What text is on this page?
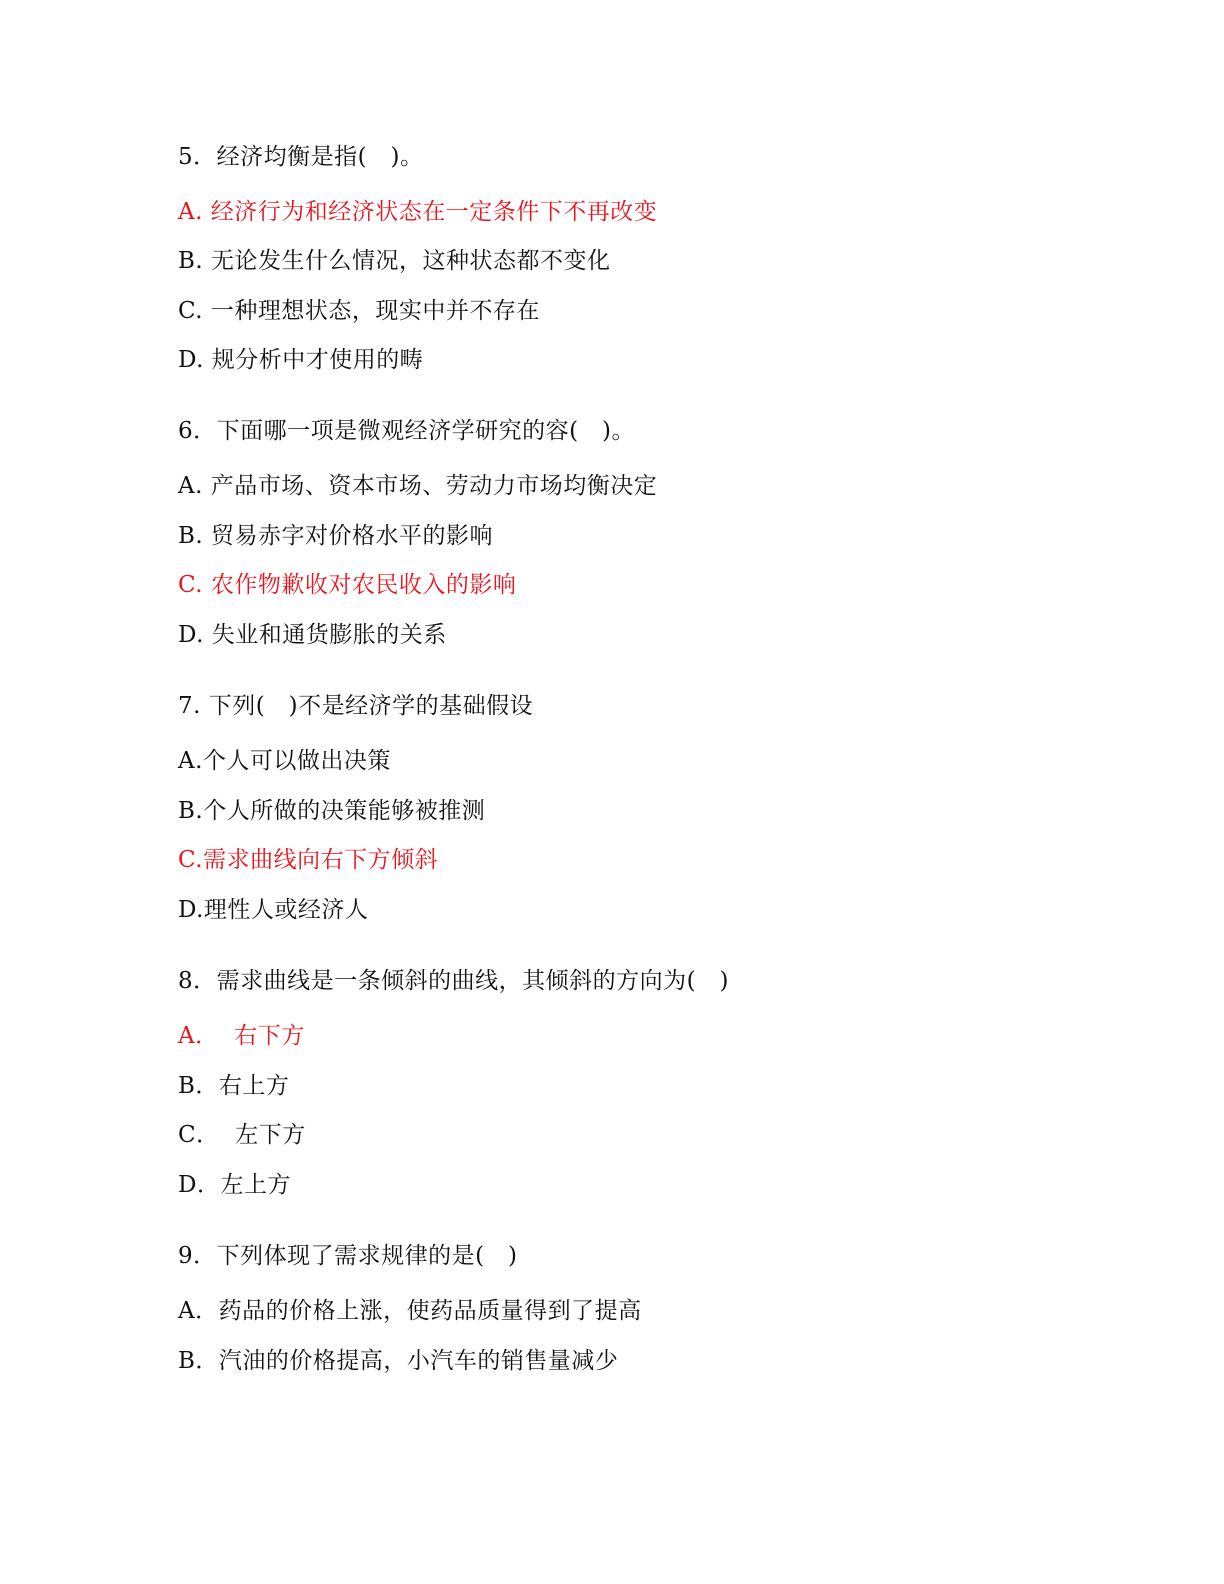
5．经济均衡是指(   )。
A. 经济行为和经济状态在一定条件下不再改变
B. 无论发生什么情况，这种状态都不变化
C. 一种理想状态，现实中并不存在
D. 规分析中才使用的畴
6．下面哪一项是微观经济学研究的容(   )。
A. 产品市场、资本市场、劳动力市场均衡决定
B. 贸易赤字对价格水平的影响
C. 农作物歉收对农民收入的影响
D. 失业和通货膨胀的关系
7. 下列(   )不是经济学的基础假设
A.个人可以做出决策
B.个人所做的决策能够被推测
C.需求曲线向右下方倾斜
D.理性人或经济人
8．需求曲线是一条倾斜的曲线，其倾斜的方向为(   )
A．  右下方
B．右上方
C．  左下方
D．左上方
9．下列体现了需求规律的是(   )
A．药品的价格上涨，使药品质量得到了提高
B．汽油的价格提高，小汽车的销售量减少
